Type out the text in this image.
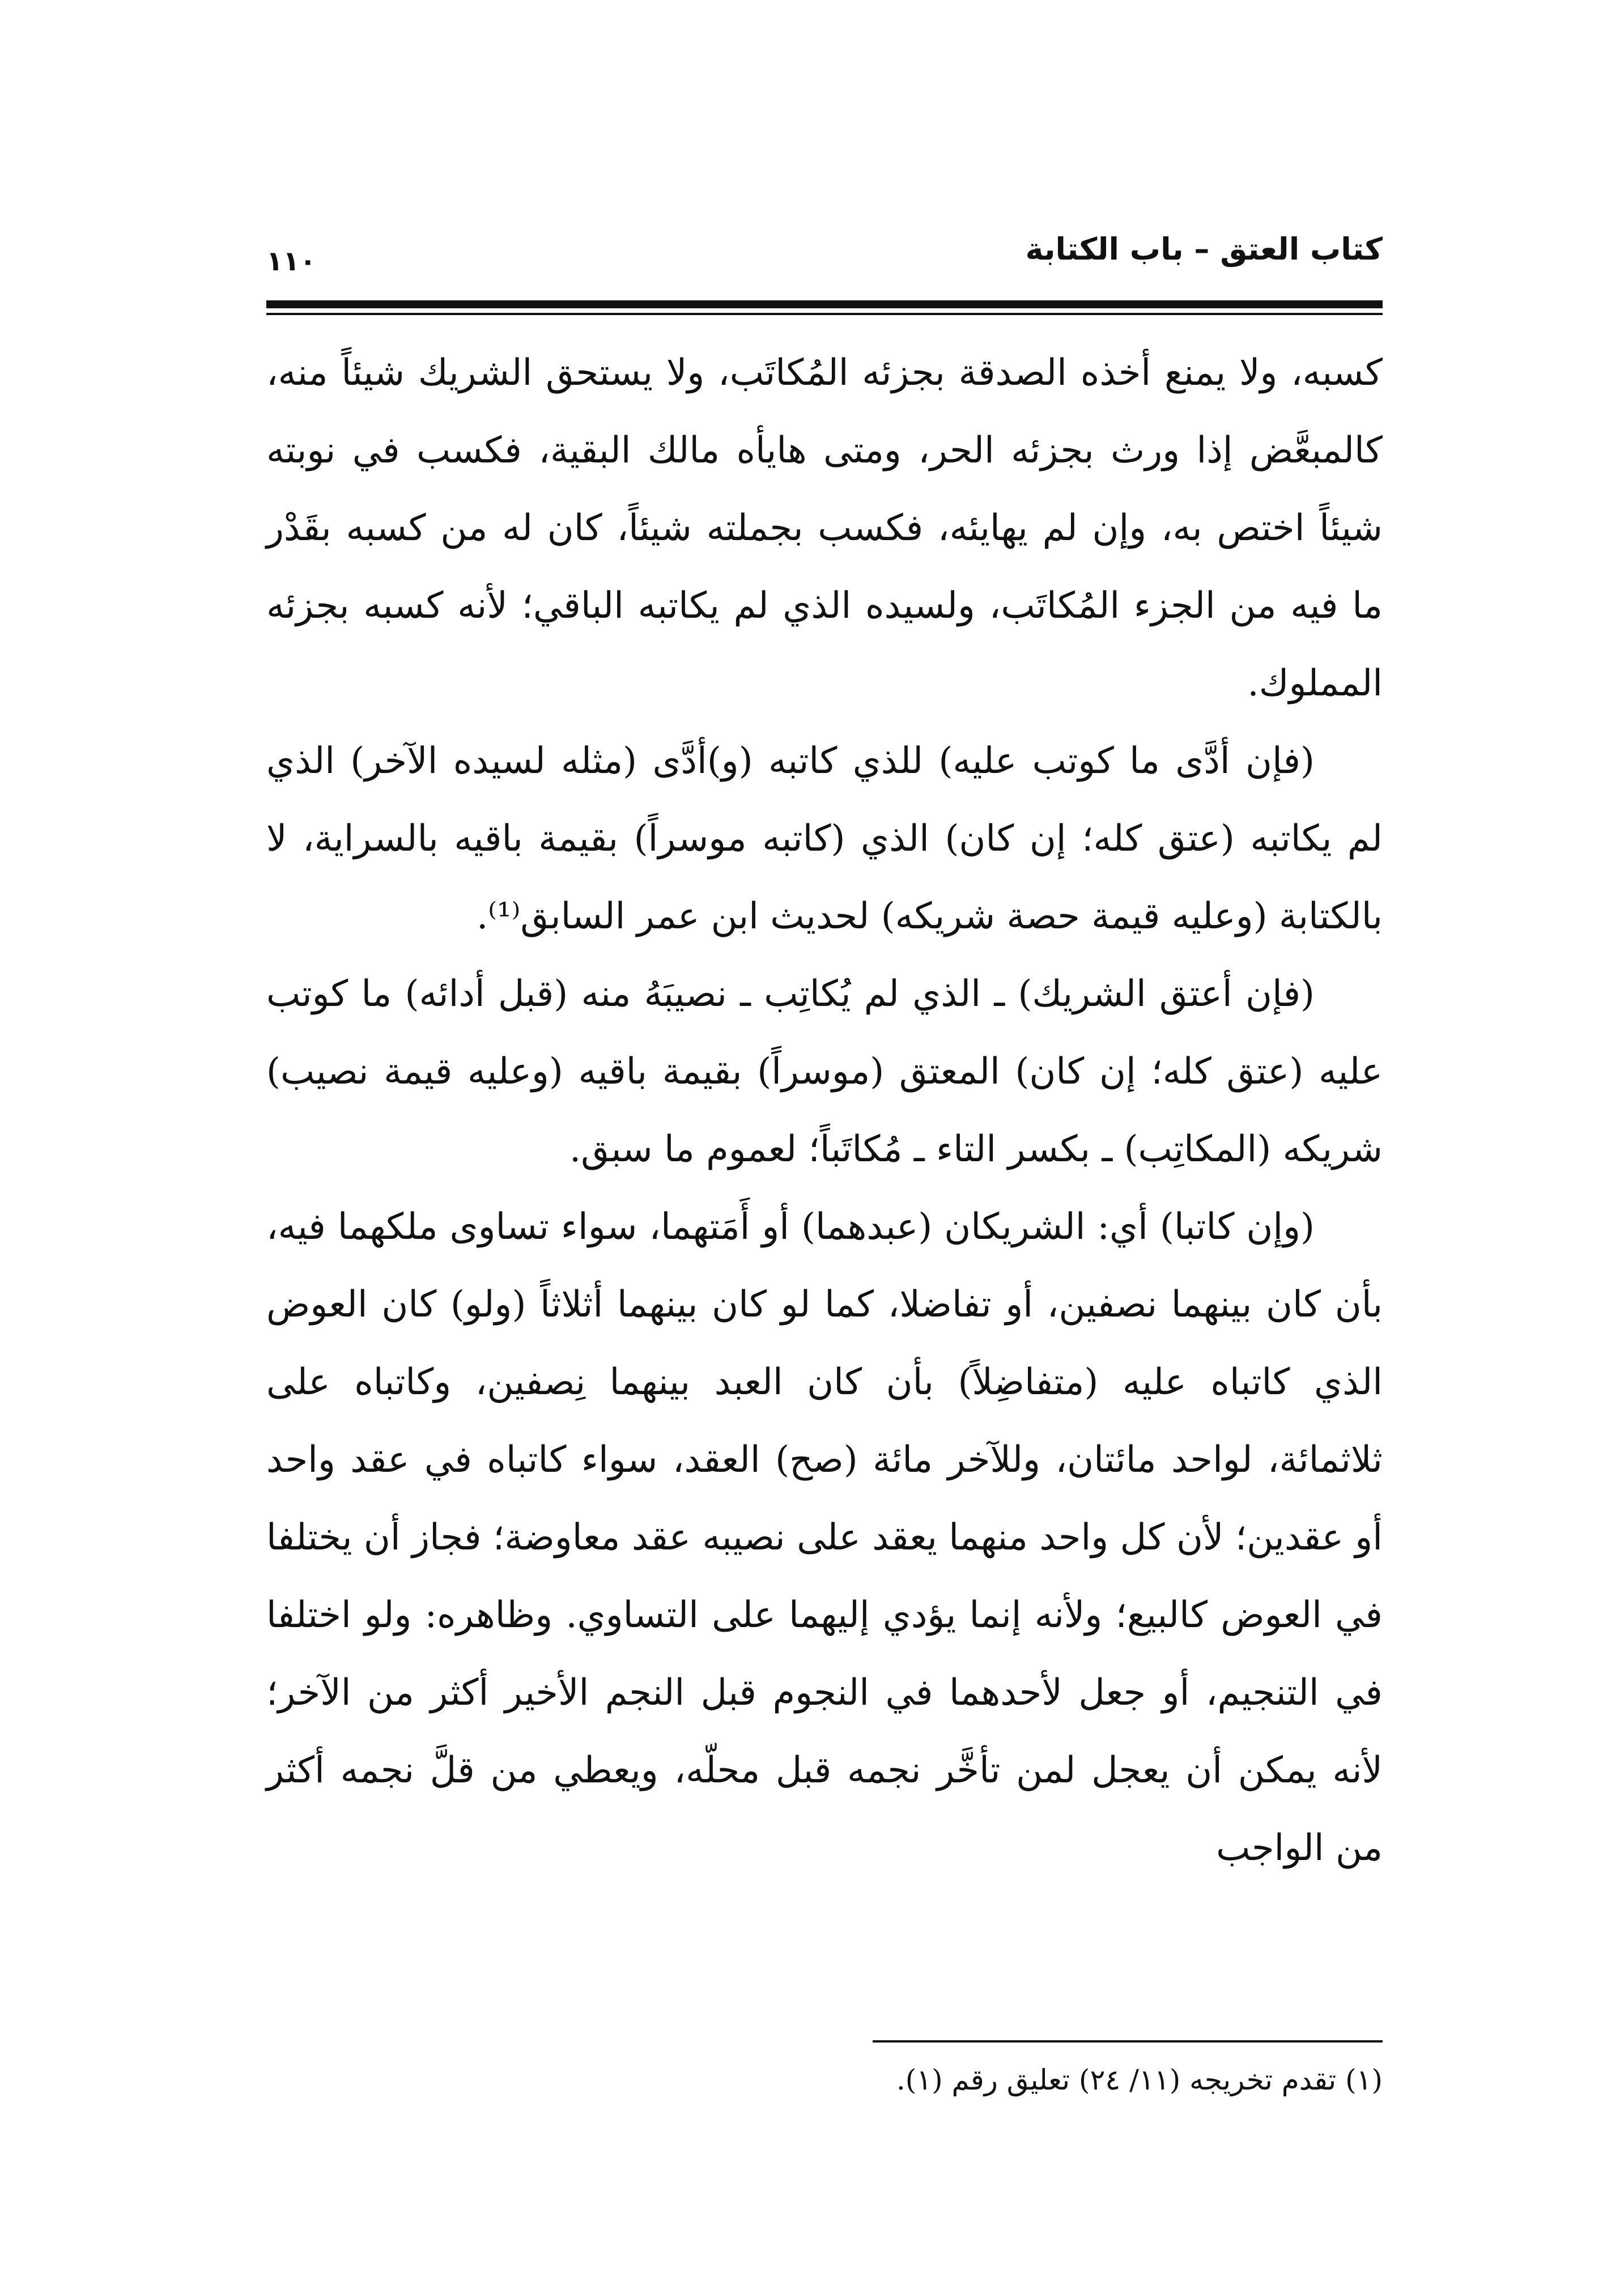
كتاب العتق – باب الكتابة
١١٠

كسبه، ولا يمنع أخذه الصدقة بجزئه المُكاتَب، ولا يستحق الشريك شيئاً منه، كالمبعَّض إذا ورث بجزئه الحر، ومتى هايأه مالك البقية، فكسب في نوبته شيئاً اختص به، وإن لم يهايئه، فكسب بجملته شيئاً، كان له من كسبه بقَدْر ما فيه من الجزء المُكاتَب، ولسيده الذي لم يكاتبه الباقي؛ لأنه كسبه بجزئه المملوك.

(فإن أدَّى ما كوتب عليه) للذي كاتبه (و)أدَّى (مثله لسيده الآخر) الذي لم يكاتبه (عتق كله؛ إن كان) الذي (كاتبه موسراً) بقيمة باقيه بالسراية، لا بالكتابة (وعليه قيمة حصة شريكه) لحديث ابن عمر السابق⁽¹⁾.

(فإن أعتق الشريك) ـ الذي لم يُكاتِب ـ نصيبَهُ منه (قبل أدائه) ما كوتب عليه (عتق كله؛ إن كان) المعتق (موسراً) بقيمة باقيه (وعليه قيمة نصيب) شريكه (المكاتِب) ـ بكسر التاء ـ مُكاتَباً؛ لعموم ما سبق.

(وإن كاتبا) أي: الشريكان (عبدهما) أو أَمَتهما، سواء تساوى ملكهما فيه، بأن كان بينهما نصفين، أو تفاضلا، كما لو كان بينهما أثلاثاً (ولو) كان العوض الذي كاتباه عليه (متفاضِلاً) بأن كان العبد بينهما نِصفين، وكاتباه على ثلاثمائة، لواحد مائتان، وللآخر مائة (صح) العقد، سواء كاتباه في عقد واحد أو عقدين؛ لأن كل واحد منهما يعقد على نصيبه عقد معاوضة؛ فجاز أن يختلفا في العوض كالبيع؛ ولأنه إنما يؤدي إليهما على التساوي. وظاهره: ولو اختلفا في التنجيم، أو جعل لأحدهما في النجوم قبل النجم الأخير أكثر من الآخر؛ لأنه يمكن أن يعجل لمن تأخَّر نجمه قبل محلّه، ويعطي من قلَّ نجمه أكثر من الواجب

(١) تقدم تخريجه (١١/ ٢٤) تعليق رقم (١).
